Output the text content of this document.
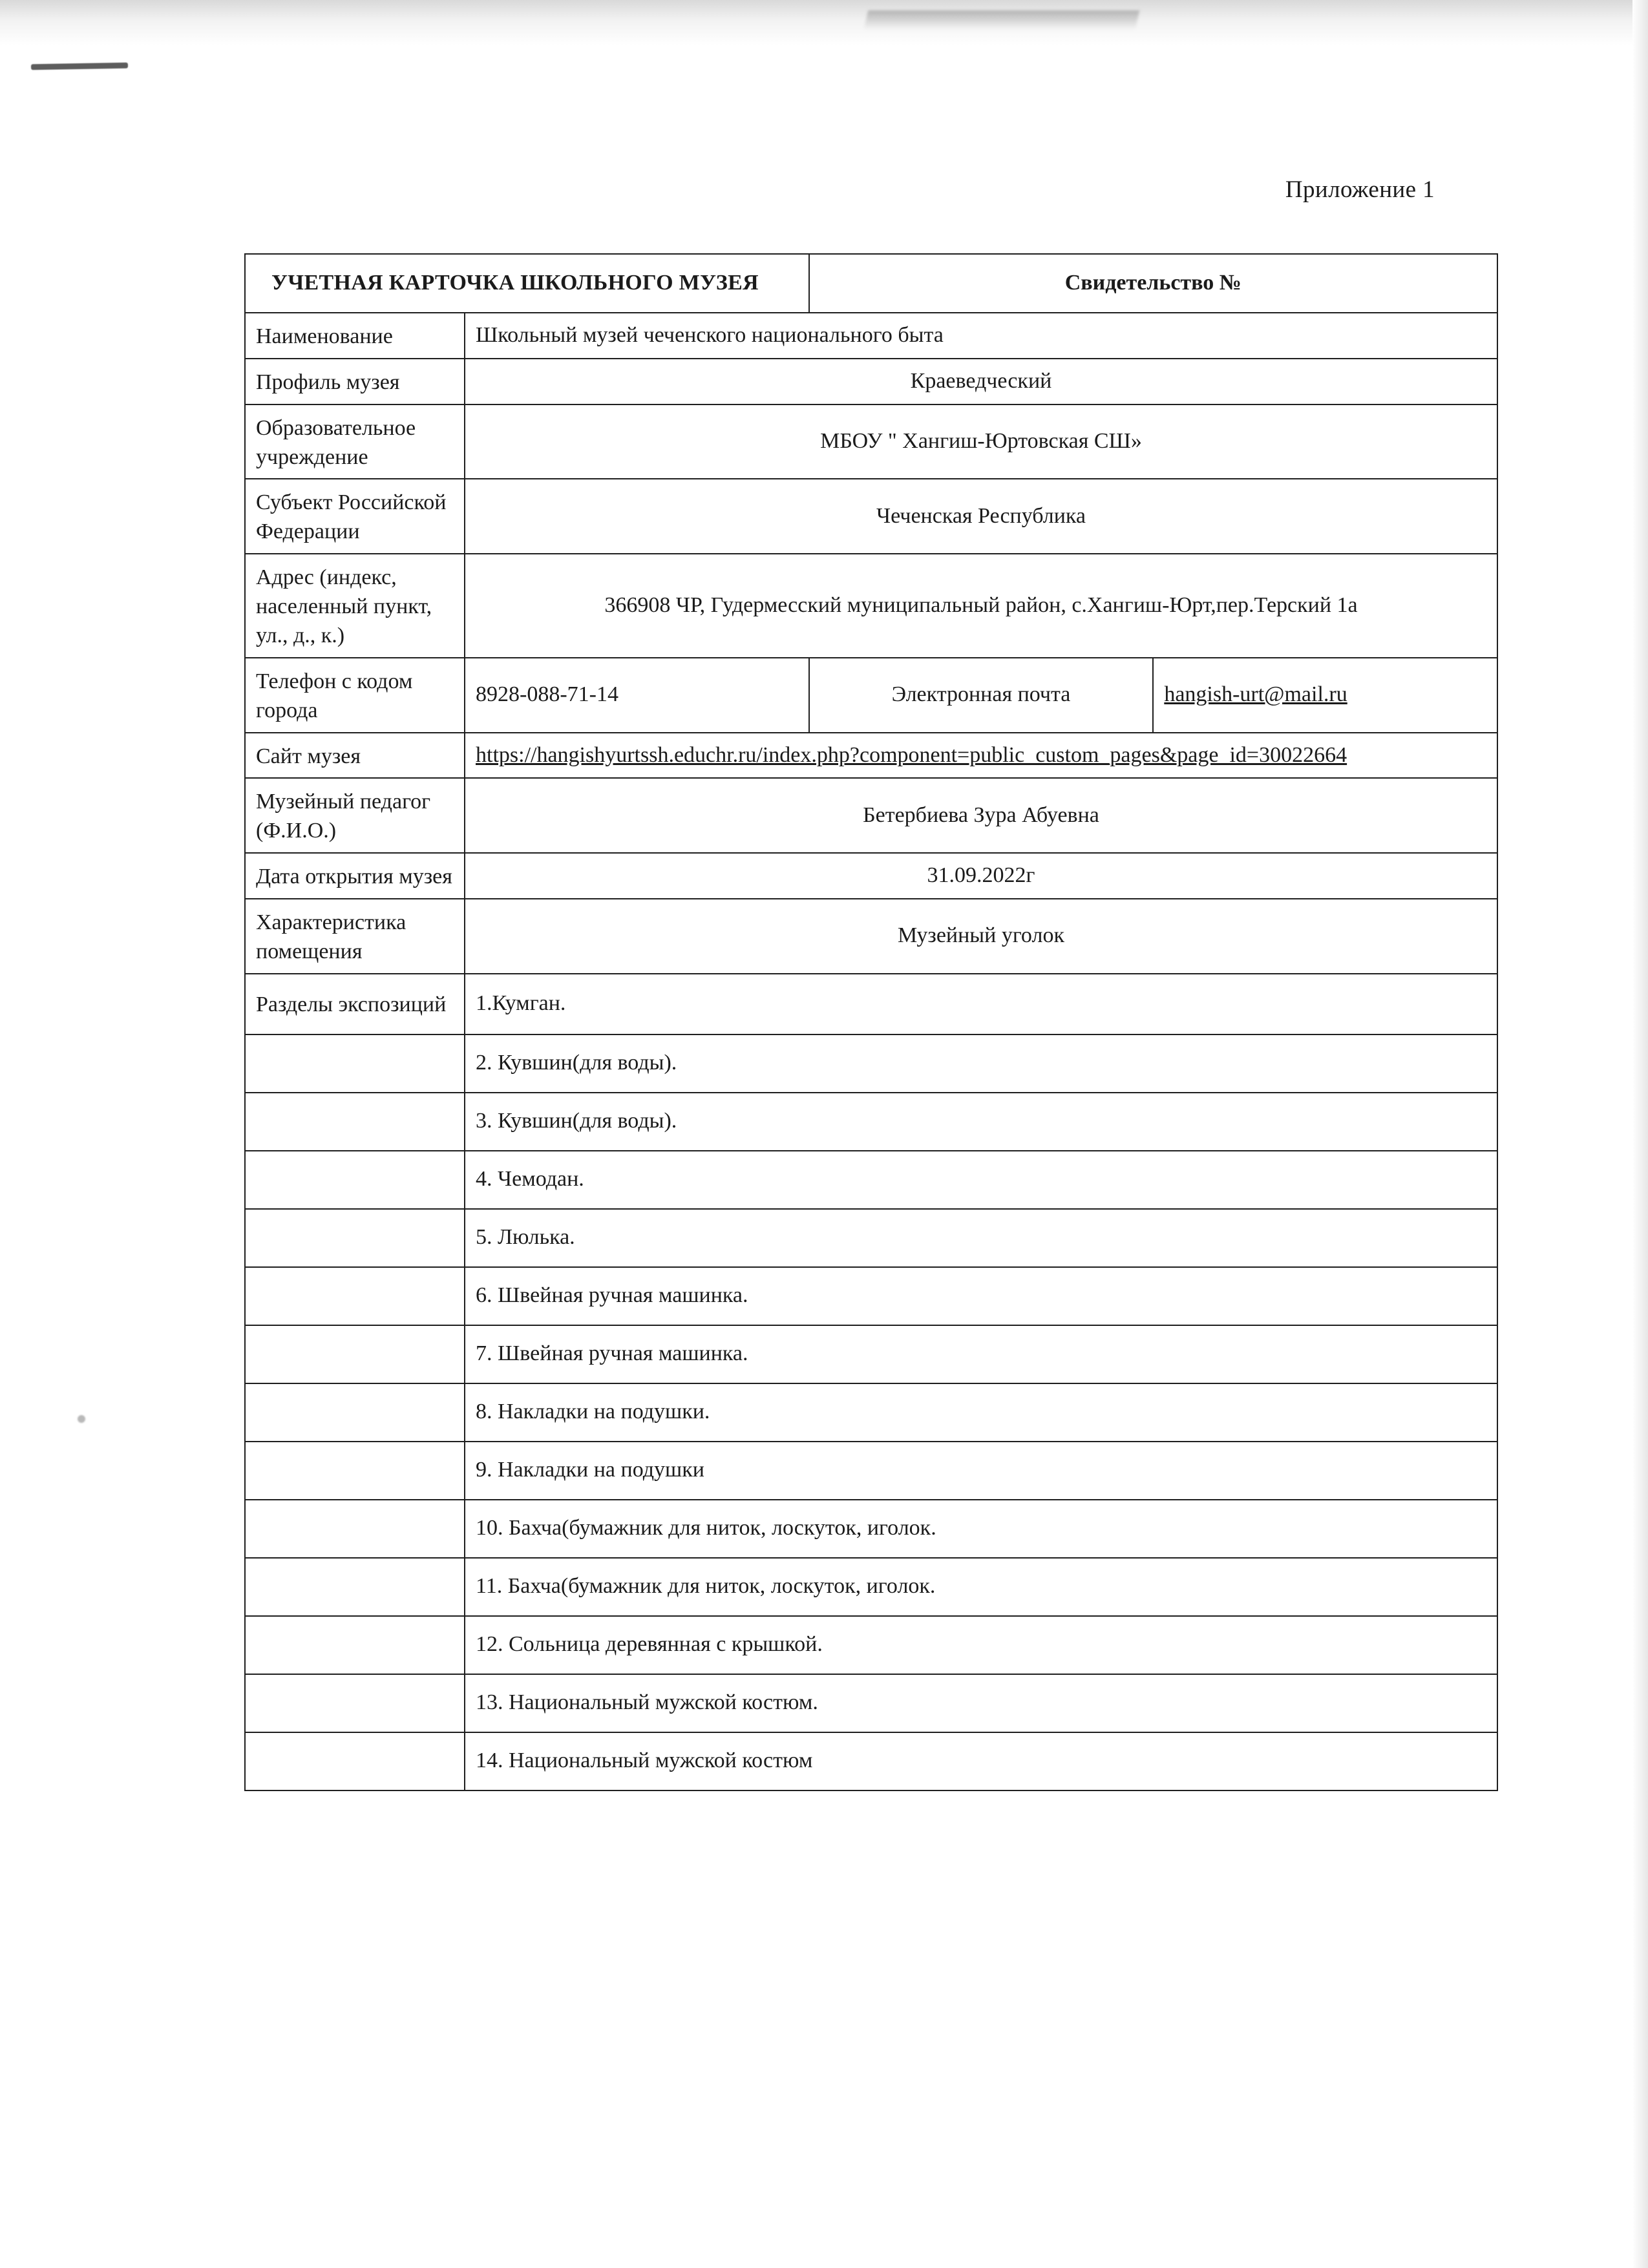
Приложение 1
УЧЕТНАЯ КАРТОЧКА ШКОЛЬНОГО МУЗЕЯ		Свидетельство №	
Наименование	Школьный музей чеченского национального быта		
Профиль музея	Краеведческий		
Образовательное учреждение	МБОУ " Хангиш-Юртовская СШ»		
Субъект Российской Федерации	Чеченская Республика		
Адрес (индекс, населенный пункт, ул., д., к.)	366908 ЧР, Гудермесский муниципальный район, с.Хангиш-Юрт,пер.Терский 1а		
Телефон с кодом города	8928-088-71-14	Электронная почта	hangish-urt@mail.ru
Сайт музея	https://hangishyurtssh.educhr.ru/index.php?component=public_custom_pages&page_id=30022664		
Музейный педагог (Ф.И.О.)	Бетербиева Зура Абуевна		
Дата открытия музея	31.09.2022г		
Характеристика помещения	Музейный уголок		
Разделы экспозиций	1.Кумган.		
	2. Кувшин(для воды).		
	3. Кувшин(для воды).		
	4. Чемодан.		
	5. Люлька.		
	6. Швейная ручная машинка.		
	7. Швейная ручная машинка.		
	8. Накладки на подушки.		
	9. Накладки на подушки		
	10. Бахча(бумажник для ниток, лоскуток, иголок.		
	11. Бахча(бумажник для ниток, лоскуток, иголок.		
	12. Сольница деревянная с крышкой.		
	13. Национальный мужской костюм.		
	14. Национальный мужской костюм		
